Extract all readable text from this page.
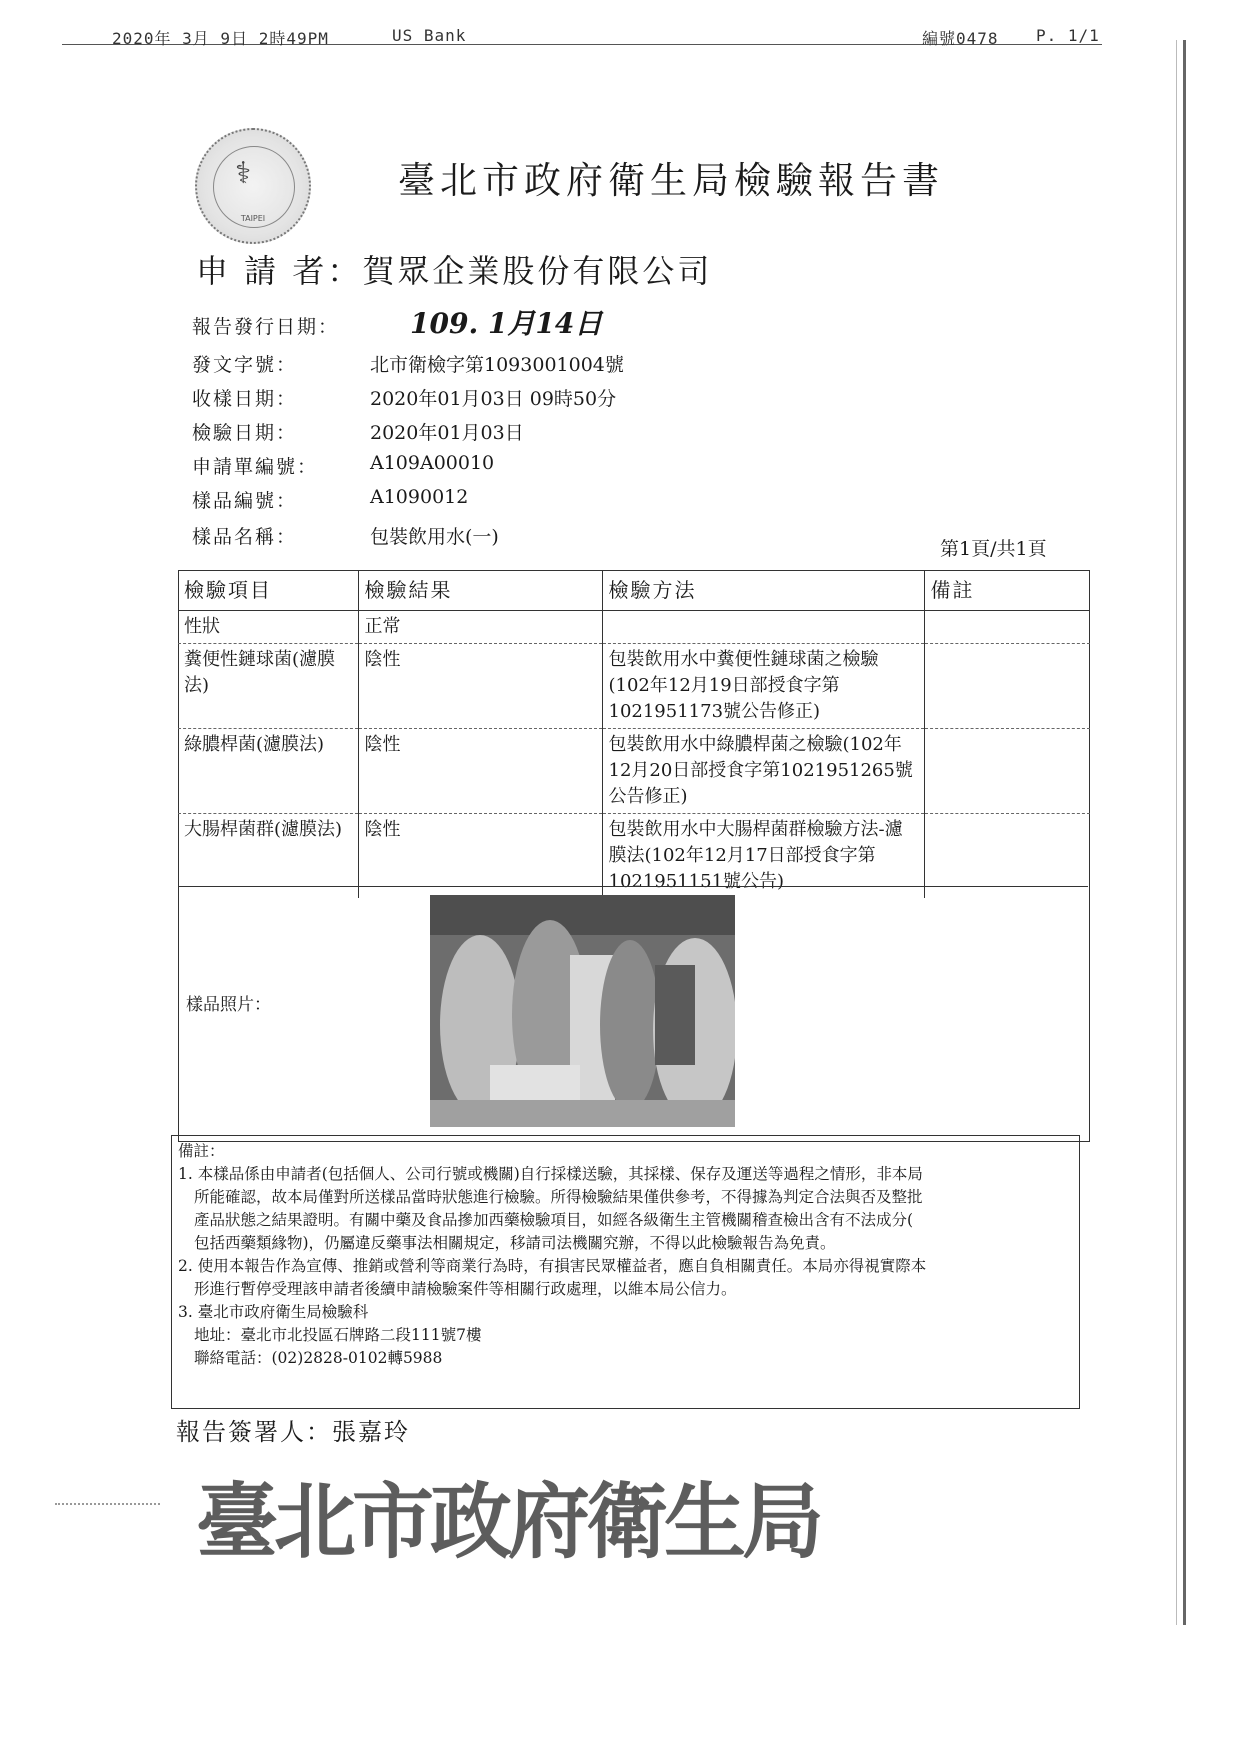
2020年 3月 9日 2時49PM	US Bank	編號0478 P. 1/1
⚕
TAIPEI
臺北市政府衛生局檢驗報告書
申 請 者：賀眾企業股份有限公司
報告發行日期：	109. 1月14日
發文字號：	北市衛檢字第1093001004號
收樣日期：	2020年01月03日 09時50分
檢驗日期：	2020年01月03日
申請單編號：	A109A00010
樣品編號：	A1090012
樣品名稱：	包裝飲用水(一)
第1頁/共1頁
檢驗項目	檢驗結果	檢驗方法	備註
性狀	正常		
糞便性鏈球菌(濾膜法)	陰性	包裝飲用水中糞便性鏈球菌之檢驗(102年12月19日部授食字第1021951173號公告修正)	
綠膿桿菌(濾膜法)	陰性	包裝飲用水中綠膿桿菌之檢驗(102年12月20日部授食字第1021951265號公告修正)	
大腸桿菌群(濾膜法)	陰性	包裝飲用水中大腸桿菌群檢驗方法-濾膜法(102年12月17日部授食字第1021951151號公告)	
樣品照片：
備註：
1. 本樣品係由申請者(包括個人、公司行號或機關)自行採樣送驗，其採樣、保存及運送等過程之情形，非本局
所能確認，故本局僅對所送樣品當時狀態進行檢驗。所得檢驗結果僅供參考，不得據為判定合法與否及整批
產品狀態之結果證明。有關中藥及食品摻加西藥檢驗項目，如經各級衛生主管機關稽查檢出含有不法成分(
包括西藥類緣物)，仍屬違反藥事法相關規定，移請司法機關究辦，不得以此檢驗報告為免責。
2. 使用本報告作為宣傳、推銷或營利等商業行為時，有損害民眾權益者，應自負相關責任。本局亦得視實際本
形進行暫停受理該申請者後續申請檢驗案件等相關行政處理，以維本局公信力。
3. 臺北市政府衛生局檢驗科
地址：臺北市北投區石牌路二段111號7樓
聯絡電話：(02)2828-0102轉5988
報告簽署人：張嘉玲
臺北市政府衛生局
